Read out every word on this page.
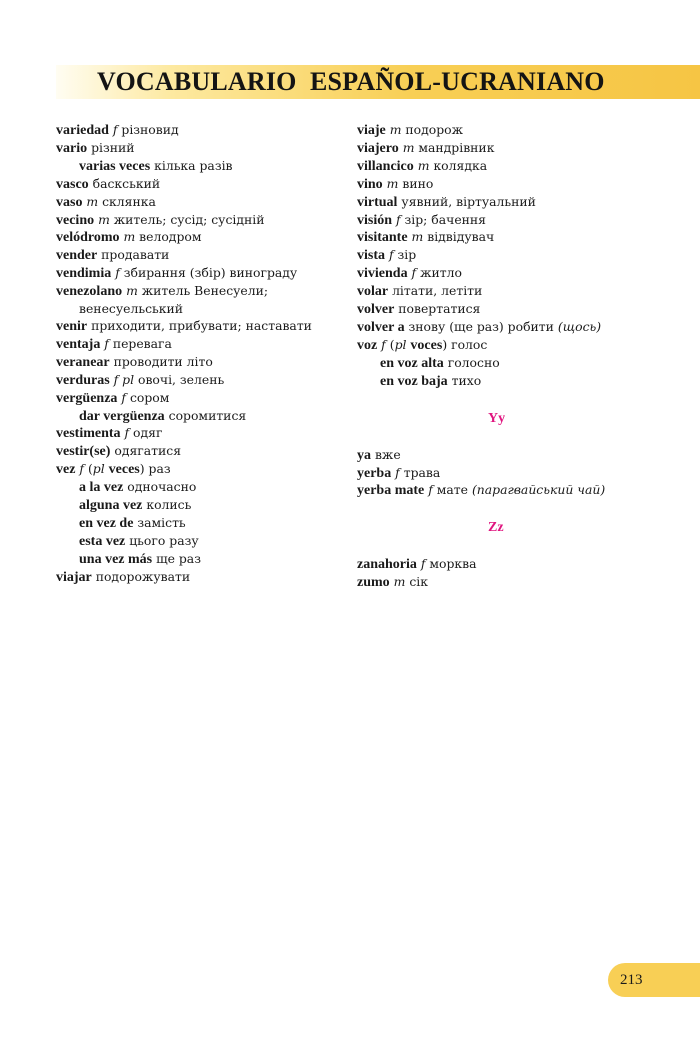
VOCABULARIO  ESPAÑOL-UCRANIANO
variedad f різновид
vario різний
varias veces кілька разів
vasco баскський
vaso m склянка
vecino m житель; сусід; сусідній
velódromo m велодром
vender продавати
vendimia f збирання (збір) винограду
venezolano m житель Венесуели;
венесуельський
venir приходити, прибувати; наставати
ventaja f перевага
veranear проводити літо
verduras f pl овочі, зелень
vergüenza f сором
dar vergüenza соромитися
vestimenta f одяг
vestir(se) одягатися
vez f (pl veces) раз
a la vez одночасно
alguna vez колись
en vez de замість
esta vez цього разу
una vez más ще раз
viajar подорожувати
viaje m подорож
viajero m мандрівник
villancico m колядка
vino m вино
virtual уявний, віртуальний
visión f зір; бачення
visitante m відвідувач
vista f зір
vivienda f житло
volar літати, летіти
volver повертатися
volver a знову (ще раз) робити (щось)
voz f (pl voces) голос
en voz alta голосно
en voz baja тихо
Yy
ya вже
yerba f трава
yerba mate f мате (парагвайський чай)
Zz
zanahoria f морква
zumo m сік
213
